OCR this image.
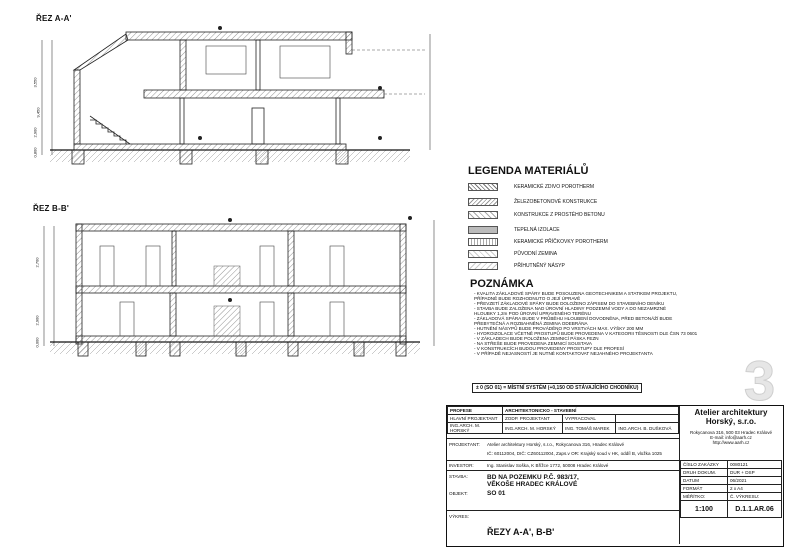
ŘEZ A-A'
ŘEZ B-B'
3,550
9,450
2,900
0,800
2,700
2,900
0,000
LEGENDA MATERIÁLŮ
KERAMICKÉ ZDIVO POROTHERM
ŽELEZOBETONOVÉ KONSTRUKCE
KONSTRUKCE Z PROSTÉHO BETONU
TEPELNÁ IZOLACE
KERAMICKÉ PŘÍČKOVKY POROTHERM
PŮVODNÍ ZEMINA
PŘÍHUTNĚNÝ NÁSYP
POZNÁMKA
- KVALITA ZÁKLADOVÉ SPÁRY BUDE POSOUZENA GEOTECHNIKEM A STATIKEM PROJEKTU,
PŘÍPADNĚ BUDE ROZHODNUTO O JEJÍ ÚPRAVĚ
- PŘEVZETÍ ZÁKLADOVÉ SPÁRY BUDE DOLOŽENO ZÁPISEM DO STAVEBNÍHO DENÍKU
- STAVBA BUDE ZALOŽENA NAD ÚROVNÍ HLADINY PODZEMNÍ VODY A DO NEZAMRZNÉ
HLOUBKY 1,2m POD ÚROVNÍ UPRAVENÉHO TERÉNU
- ZÁKLADOVÁ SPÁRA BUDE V PRŮBĚHU HLOUBENÍ DOVODNĚNA, PŘED BETONÁŽÍ BUDE
PŘEBYTEČNÁ A ROZBAHNĚNÁ ZEMINA ODEBRÁNA
- HUTNĚNÍ NÁSYPŮ BUDE PROVÁDĚNO PO VRSTVÁCH MAX. VÝŠKY 200 MM
- HYDROIZOLACE VČETNĚ PROSTUPŮ BUDE PROVEDENA V KATEGORII TĚSNOSTI DLE ČSN 73 0601
- V ZÁKLADECH BUDE POLOŽENA ZEMNICÍ PÁSKA FEZN
- NA STŘEŠE BUDE PROVEDENA ZEMNICÍ SOUSTAVA
- V KONSTRUKCÍCH BUDOU PROVEDENY PROSTUPY DLE PROFESÍ
- V PŘÍPADĚ NEJASNOSTÍ JE NUTNÉ KONTAKTOVAT NEJAHNÉHO PROJEKTANTA
± 0 (SO 01) = MÍSTNÍ SYSTÉM (+0,150 OD STÁVAJÍCÍHO CHODNÍKU) 3
PROFESE	ARCHITEKTONICKO - STAVEBNÍ		
HLAVNÍ PROJEKTANT	ZODP. PROJEKTANT	VYPRACOVAL	
ING.ARCH. M. HORSKÝ	ING.ARCH. M. HORSKÝ	ING. TOMÁŠ MAREK	ING.ARCH. B. DUŠKOVÁ
Atelier architektury
Horský, s.r.o.
Rokycanova 316, 500 03 Hradec Králové
E-mail: info@aarh.cz
http://www.aarh.cz
PROJEKTANT: Atelier architektury Horský, s.r.o., Rokycanova 316, Hradec Králové
IČ: 60112004, DIČ: CZ60112004, Zaps.v OR: Krajský soud v HK, oddíl B, vložka 1025
INVESTOR:	Ing. Stanislav Soška, K Břížce 1772, 50008 Hradec Králové
STAVBA:	BD NA POZEMKU P.Č. 983/17,
VĚKOŠE HRADEC KRÁLOVÉ
OBJEKT:	SO 01
VÝKRES:
ŘEZY A-A', B-B'
ČÍSLO ZAKÁZKY	0080121
DRUH DOKUM.	DUR + DSP
DATUM	06/2021
FORMÁT	2 x A4
MĚŘÍTKO:	Č. VÝKRESU:
1:100	D.1.1.AR.06
